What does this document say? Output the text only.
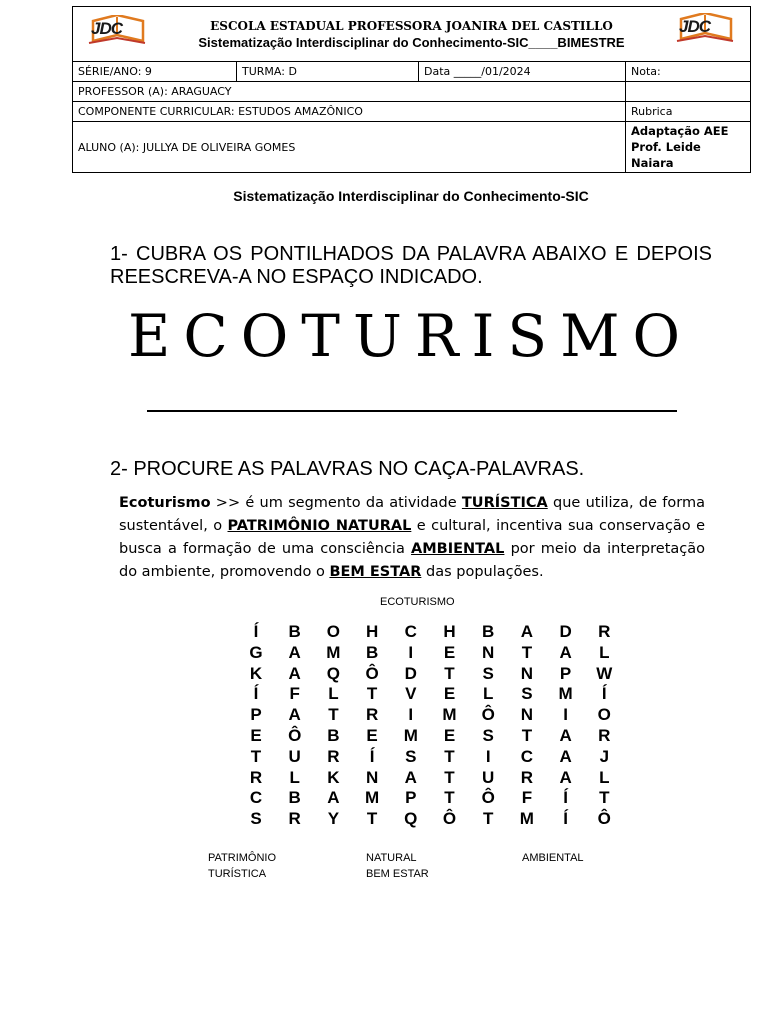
JDC ESCOLA ESTADUAL PROFESSORA JOANIRA DEL CASTILLO
Sistematização Interdisciplinar do Conhecimento-SIC____BIMESTRE
JDC			

SÉRIE/ANO: 9	TURMA: D	Data _____/01/2024	Nota:
PROFESSOR (A): ARAGUACY			
COMPONENTE CURRICULAR: ESTUDOS AMAZÔNICO			Rubrica
ALUNO (A): JULLYA DE OLIVEIRA GOMES			Adaptação AEE
Prof. Leide Naiara
Sistematização Interdisciplinar do Conhecimento-SIC
1- CUBRA OS PONTILHADOS DA PALAVRA ABAIXO E DEPOIS REESCREVA-A NO ESPAÇO INDICADO.
ECOTURISMO
2- PROCURE AS PALAVRAS NO CAÇA-PALAVRAS.
Ecoturismo >> é um segmento da atividade TURÍSTICA que utiliza, de forma sustentável, o PATRIMÔNIO NATURAL e cultural, incentiva sua conservação e busca a formação de uma consciência AMBIENTAL por meio da interpretação do ambiente, promovendo o BEM ESTAR das populações.
ECOTURISMO
Í	B	O	H	C	H	B	A	D	R
G	A	M	B	I	E	N	T	A	L
K	A	Q	Ô	D	T	S	N	P	W
Í	F	L	T	V	E	L	S	M	Í
P	A	T	R	I	M	Ô	N	I	O
E	Ô	B	E	M	E	S	T	A	R
T	U	R	Í	S	T	I	C	A	J
R	L	K	N	A	T	U	R	A	L
C	B	A	M	P	T	Ô	F	Í	T
S	R	Y	T	Q	Ô	T	M	Í	Ô
PATRIMÔNIO
TURÍSTICA
NATURAL
BEM ESTAR
AMBIENTAL
